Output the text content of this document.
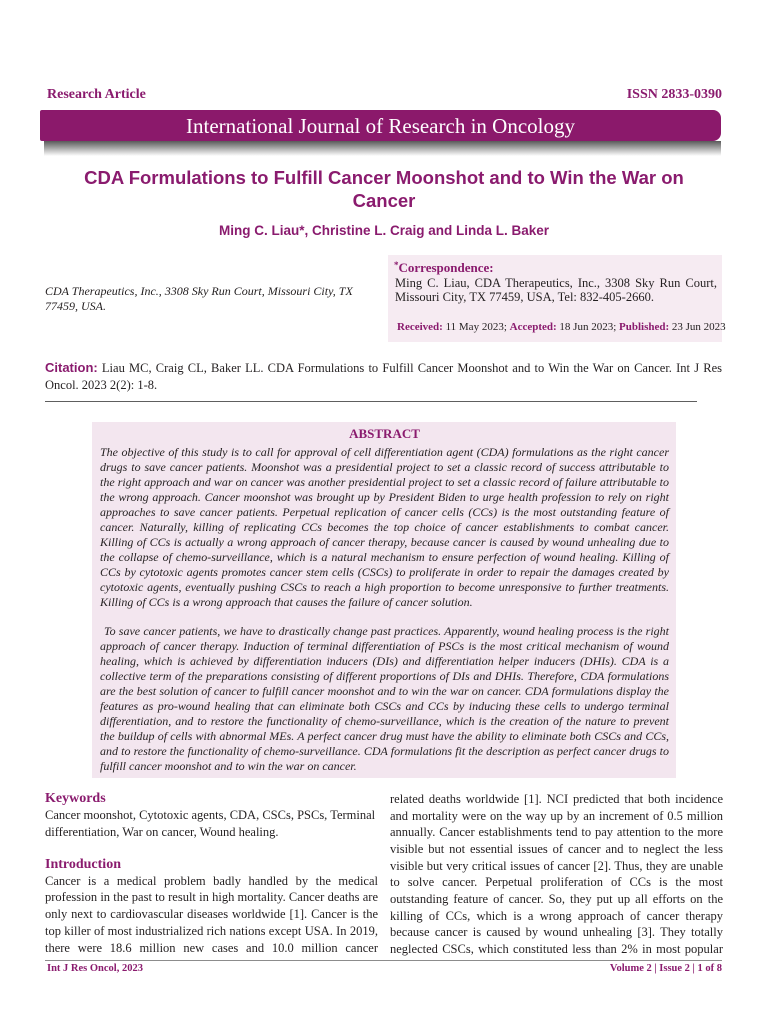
Research Article	ISSN 2833-0390
International Journal of Research in Oncology
CDA Formulations to Fulfill Cancer Moonshot and to Win the War on Cancer
Ming C. Liau*, Christine L. Craig and Linda L. Baker
CDA Therapeutics, Inc., 3308 Sky Run Court, Missouri City, TX 77459, USA.
*Correspondence:
Ming C. Liau, CDA Therapeutics, Inc., 3308 Sky Run Court, Missouri City, TX 77459, USA, Tel: 832-405-2660.
Received: 11 May 2023; Accepted: 18 Jun 2023; Published: 23 Jun 2023
Citation: Liau MC, Craig CL, Baker LL. CDA Formulations to Fulfill Cancer Moonshot and to Win the War on Cancer. Int J Res Oncol. 2023 2(2): 1-8.
ABSTRACT

The objective of this study is to call for approval of cell differentiation agent (CDA) formulations as the right cancer drugs to save cancer patients. Moonshot was a presidential project to set a classic record of success attributable to the right approach and war on cancer was another presidential project to set a classic record of failure attributable to the wrong approach. Cancer moonshot was brought up by President Biden to urge health profession to rely on right approaches to save cancer patients. Perpetual replication of cancer cells (CCs) is the most outstanding feature of cancer. Naturally, killing of replicating CCs becomes the top choice of cancer establishments to combat cancer. Killing of CCs is actually a wrong approach of cancer therapy, because cancer is caused by wound unhealing due to the collapse of chemo-surveillance, which is a natural mechanism to ensure perfection of wound healing. Killing of CCs by cytotoxic agents promotes cancer stem cells (CSCs) to proliferate in order to repair the damages created by cytotoxic agents, eventually pushing CSCs to reach a high proportion to become unresponsive to further treatments. Killing of CCs is a wrong approach that causes the failure of cancer solution.

To save cancer patients, we have to drastically change past practices. Apparently, wound healing process is the right approach of cancer therapy. Induction of terminal differentiation of PSCs is the most critical mechanism of wound healing, which is achieved by differentiation inducers (DIs) and differentiation helper inducers (DHIs). CDA is a collective term of the preparations consisting of different proportions of DIs and DHIs. Therefore, CDA formulations are the best solution of cancer to fulfill cancer moonshot and to win the war on cancer. CDA formulations display the features as pro-wound healing that can eliminate both CSCs and CCs by inducing these cells to undergo terminal differentiation, and to restore the functionality of chemo-surveillance, which is the creation of the nature to prevent the buildup of cells with abnormal MEs. A perfect cancer drug must have the ability to eliminate both CSCs and CCs, and to restore the functionality of chemo-surveillance. CDA formulations fit the description as perfect cancer drugs to fulfill cancer moonshot and to win the war on cancer.

Keywords

Cancer moonshot, Cytotoxic agents, CDA, CSCs, PSCs, Terminal differentiation, War on cancer, Wound healing.

Introduction

Cancer is a medical problem badly handled by the medical profession in the past to result in high mortality. Cancer deaths are only next to cardiovascular diseases worldwide [1]. Cancer is the top killer of most industrialized rich nations except USA. In 2019, there were 18.6 million new cases and 10.0 million cancer

related deaths worldwide [1]. NCI predicted that both incidence and mortality were on the way up by an increment of 0.5 million annually. Cancer establishments tend to pay attention to the more visible but not essential issues of cancer and to neglect the less visible but very critical issues of cancer [2]. Thus, they are unable to solve cancer. Perpetual proliferation of CCs is the most outstanding feature of cancer. So, they put up all efforts on the killing of CCs, which is a wrong approach of cancer therapy because cancer is caused by wound unhealing [3]. They totally neglected CSCs, which constituted less than 2% in most popular
Int J Res Oncol, 2023	Volume 2 | Issue 2 | 1 of 8
